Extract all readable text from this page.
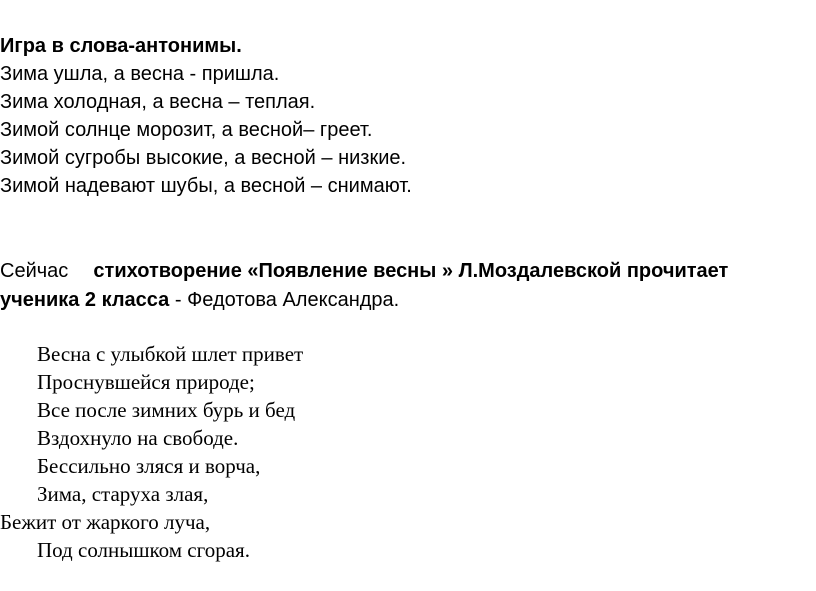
Игра в слова-антонимы.
Зима ушла, а весна - пришла.
Зима холодная, а весна – теплая.
Зимой солнце морозит, а весной– греет.
Зимой сугробы высокие, а весной – низкие.
Зимой надевают шубы, а весной – снимают.
Сейчас стихотворение «Появление весны » Л.Моздалевской прочитает
ученика 2 класса - Федотова Александра.
Весна с улыбкой шлет привет
Проснувшейся природе;
Все после зимних бурь и бед
Вздохнуло на свободе.
Бессильно зляся и ворча,
Зима, старуха злая,
Бежит от жаркого луча,
Под солнышком сгорая.
